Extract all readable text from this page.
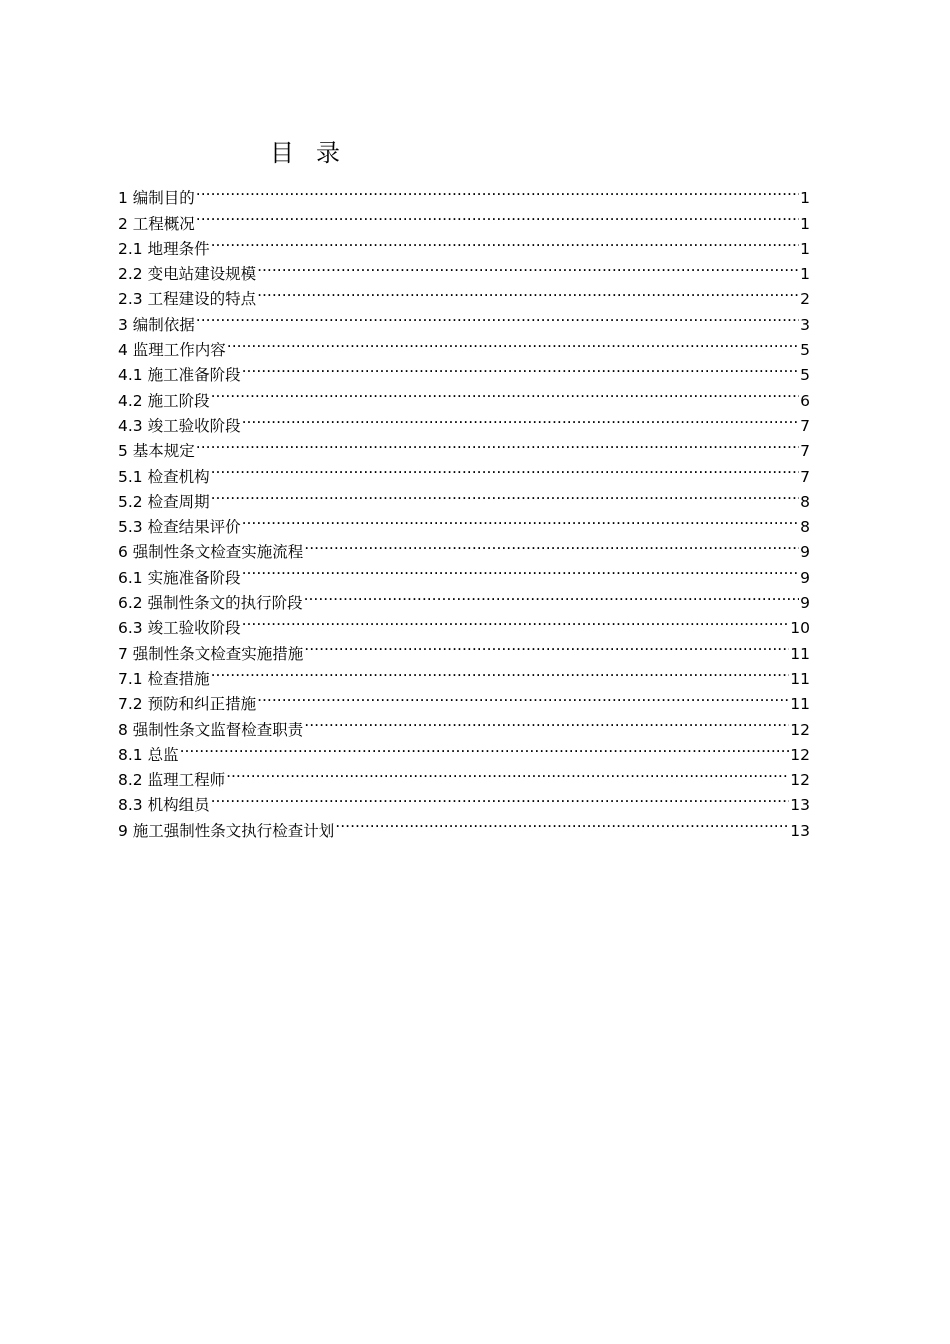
目录
1 编制目的 .....	1
2 工程概况 .....	1
2.1 地理条件 .....	1
2.2 变电站建设规模 .....	1
2.3 工程建设的特点 .....	2
3 编制依据 .....	3
4 监理工作内容 .....	5
4.1 施工准备阶段 .....	5
4.2 施工阶段 .....	6
4.3 竣工验收阶段 .....	7
5 基本规定 .....	7
5.1 检查机构 .....	7
5.2 检查周期 .....	8
5.3 检查结果评价 .....	8
6 强制性条文检查实施流程 .....	9
6.1 实施准备阶段 .....	9
6.2 强制性条文的执行阶段 .....	9
6.3 竣工验收阶段 .....	10
7 强制性条文检查实施措施 .....	11
7.1 检查措施 .....	11
7.2 预防和纠正措施 .....	11
8 强制性条文监督检查职责 .....	12
8.1 总监 .....	12
8.2 监理工程师 .....	12
8.3 机构组员 .....	13
9 施工强制性条文执行检查计划 .....	13
